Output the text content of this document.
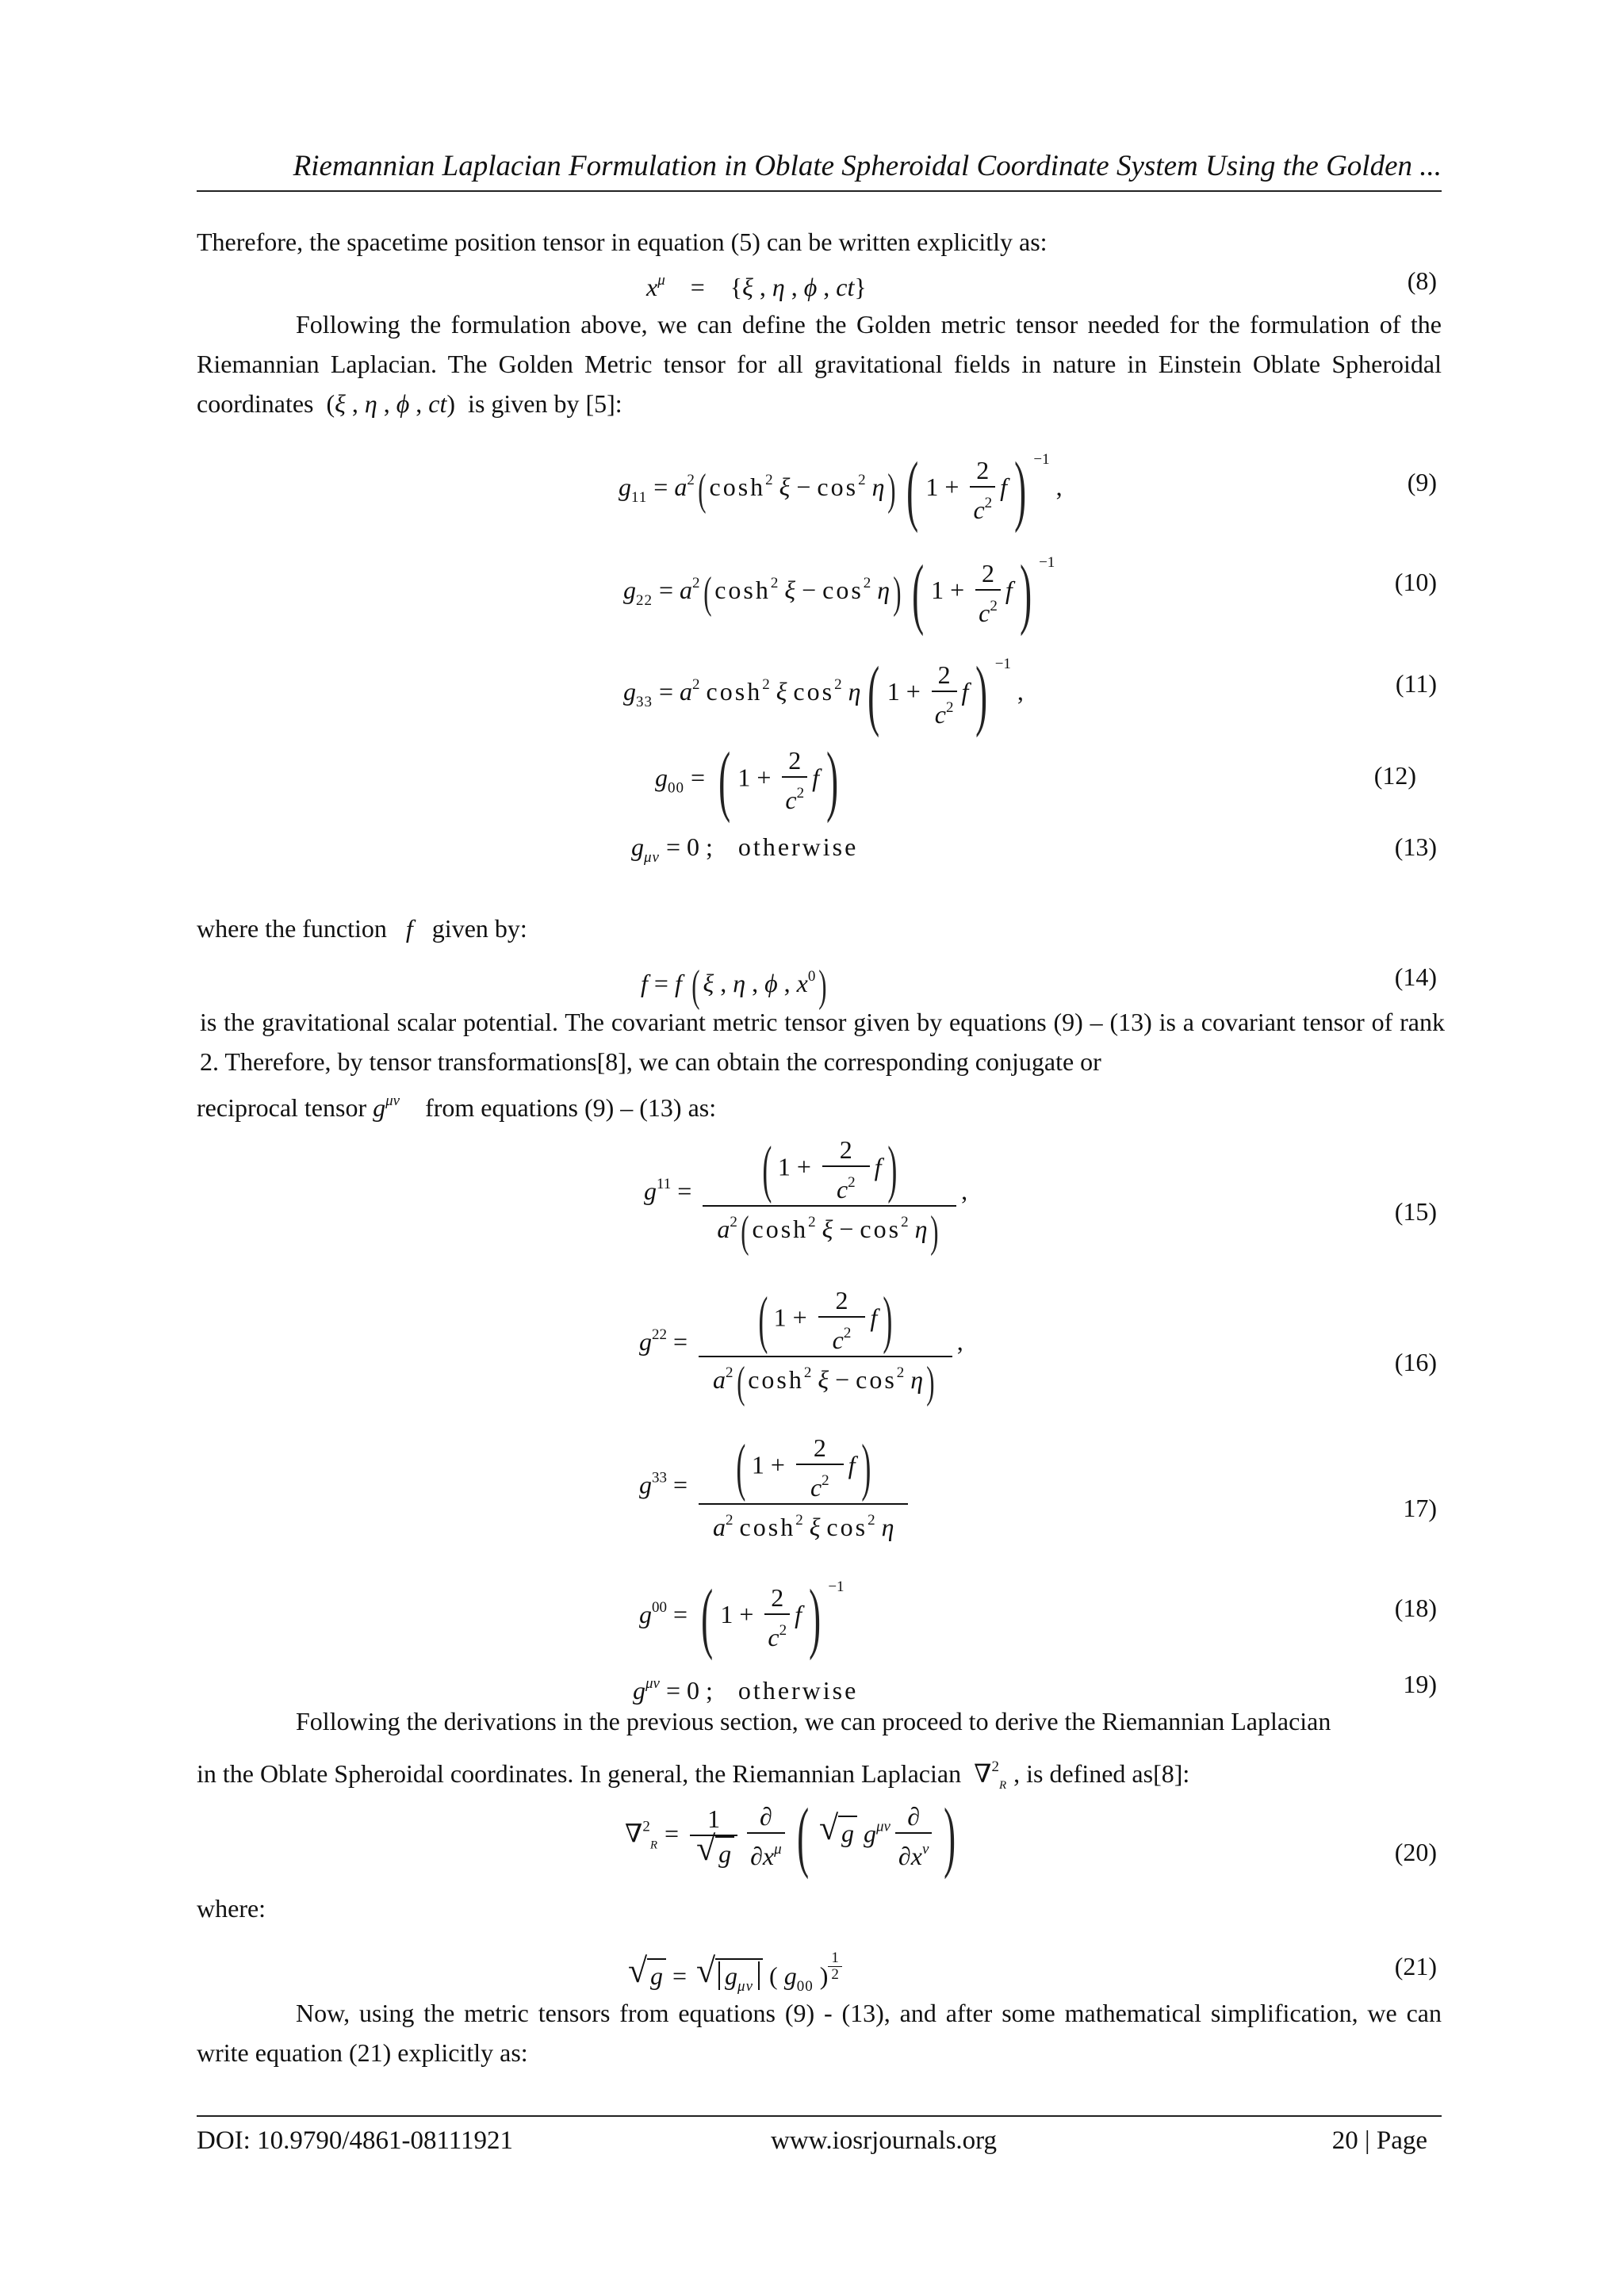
Riemannian Laplacian Formulation in Oblate Spheroidal Coordinate System Using the Golden ...
Therefore, the spacetime position tensor in equation (5) can be written explicitly as:
$x^\mu$    =    {ξ , η , ϕ , ct}	(8)
Following the formulation above, we can define the Golden metric tensor needed for the formulation of the Riemannian Laplacian. The Golden Metric tensor for all gravitational fields in nature in Einstein Oblate Spheroidal coordinates  (ξ , η , ϕ , ct)  is given by [5]:
$g_{11} = a^2$( $\cosh^2 \xi - \cos^2 \eta$) ( $1 + \frac{2}{c^2} f$) $^{-1}$ ,	(9)
$g_{22} = a^2$( $\cosh^2 \xi - \cos^2 \eta$) ( $1 + \frac{2}{c^2} f$) $^{-1}$
(10)
$g_{33} = a^2$ $\cosh^2 \xi$ $\cos^2 \eta$( $1 + \frac{2}{c^2} f$) $^{-1}$ ,	(11)
$g_{00}$ = ( $1 + \frac{2}{c^2} f$)	(12)
$g_{\mu\nu} = 0$ ;    otherwise	(13)
where the function   f   given by:
f = f ( ξ , η , ϕ , $x^0$)	(14)
is the gravitational scalar potential. The covariant metric tensor given by equations (9) – (13) is a covariant tensor of rank 2. Therefore, by tensor transformations[8], we can obtain the corresponding conjugate or
reciprocal tensor $g^{\mu\nu}$ from equations (9) – (13) as:
$g^{11} = \frac{( 1 + \frac{2}{c^2} f)}{a^2( \cosh^2 \xi - \cos^2 \eta)}$ ,
(15)
$g^{22} = \frac{( 1 + \frac{2}{c^2} f)}{a^2( \cosh^2 \xi - \cos^2 \eta)}$ ,
(16)
$g^{33} = \frac{( 1 + \frac{2}{c^2} f)}{a^2 \cosh^2 \xi \cos^2 \eta}$	17)
$g^{00}$ = ( $1 + \frac{2}{c^2} f$) $^{-1}$
(18)
$g^{\mu\nu} = 0$ ;    otherwise	19)
Following the derivations in the previous section, we can proceed to derive the Riemannian Laplacian
in the Oblate Spheroidal coordinates. In general, the Riemannian Laplacian  ∇$^2_R$ , is defined as[8]:
∇$^2_R$ = 1
√ g $\frac{\partial}{\partial x^\mu}$ (√ g $g^{\mu\nu} \frac{\partial}{\partial x^\nu}$ )	(20)
where:
√ g = √ $g_{\mu\nu}$ ( $g_{00}$ ) $^{\frac{1}{2}}$	(21)
Now, using the metric tensors from equations (9) - (13), and after some mathematical simplification, we can write equation (21) explicitly as:
DOI: 10.9790/4861-08111921	www.iosrjournals.org	20 | Page
